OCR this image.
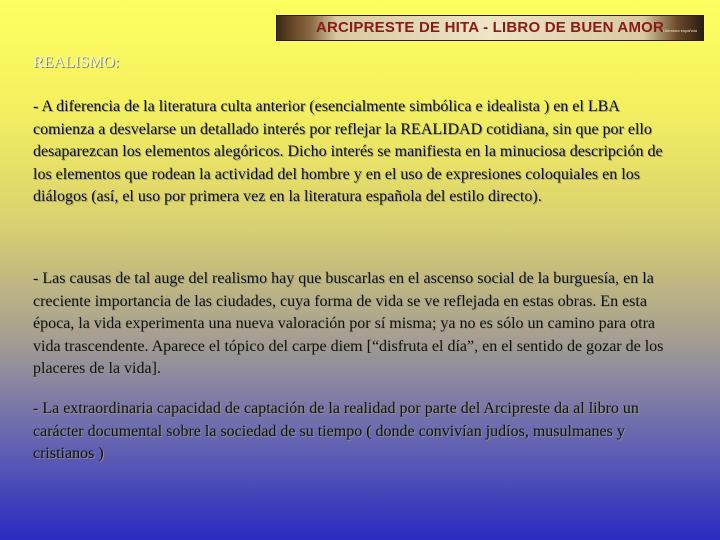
ARCIPRESTE DE HITA - LIBRO DE BUEN AMOR
Literatura española
REALISMO:

- A diferencia de la literatura culta anterior (esencialmente simbólica e idealista ) en el LBA comienza a desvelarse un detallado interés por reflejar la REALIDAD cotidiana, sin que por ello desaparezcan los elementos alegóricos. Dicho interés se manifiesta en la minuciosa descripción de los elementos que rodean la actividad del hombre y en el uso de expresiones coloquiales en los diálogos (así, el uso por primera vez en la literatura española del estilo directo).

- Las causas de tal auge del realismo hay que buscarlas en el ascenso social de la burguesía, en la creciente importancia de las ciudades, cuya forma de vida se ve reflejada en estas obras. En esta época, la vida experimenta una nueva valoración por sí misma; ya no es sólo un camino para otra vida trascendente. Aparece el tópico del carpe diem [“disfruta el día”, en el sentido de gozar de los placeres de la vida].

- La extraordinaria capacidad de captación de la realidad por parte del Arcipreste da al libro un carácter documental sobre la sociedad de su tiempo ( donde convivían judíos, musulmanes y cristianos )
